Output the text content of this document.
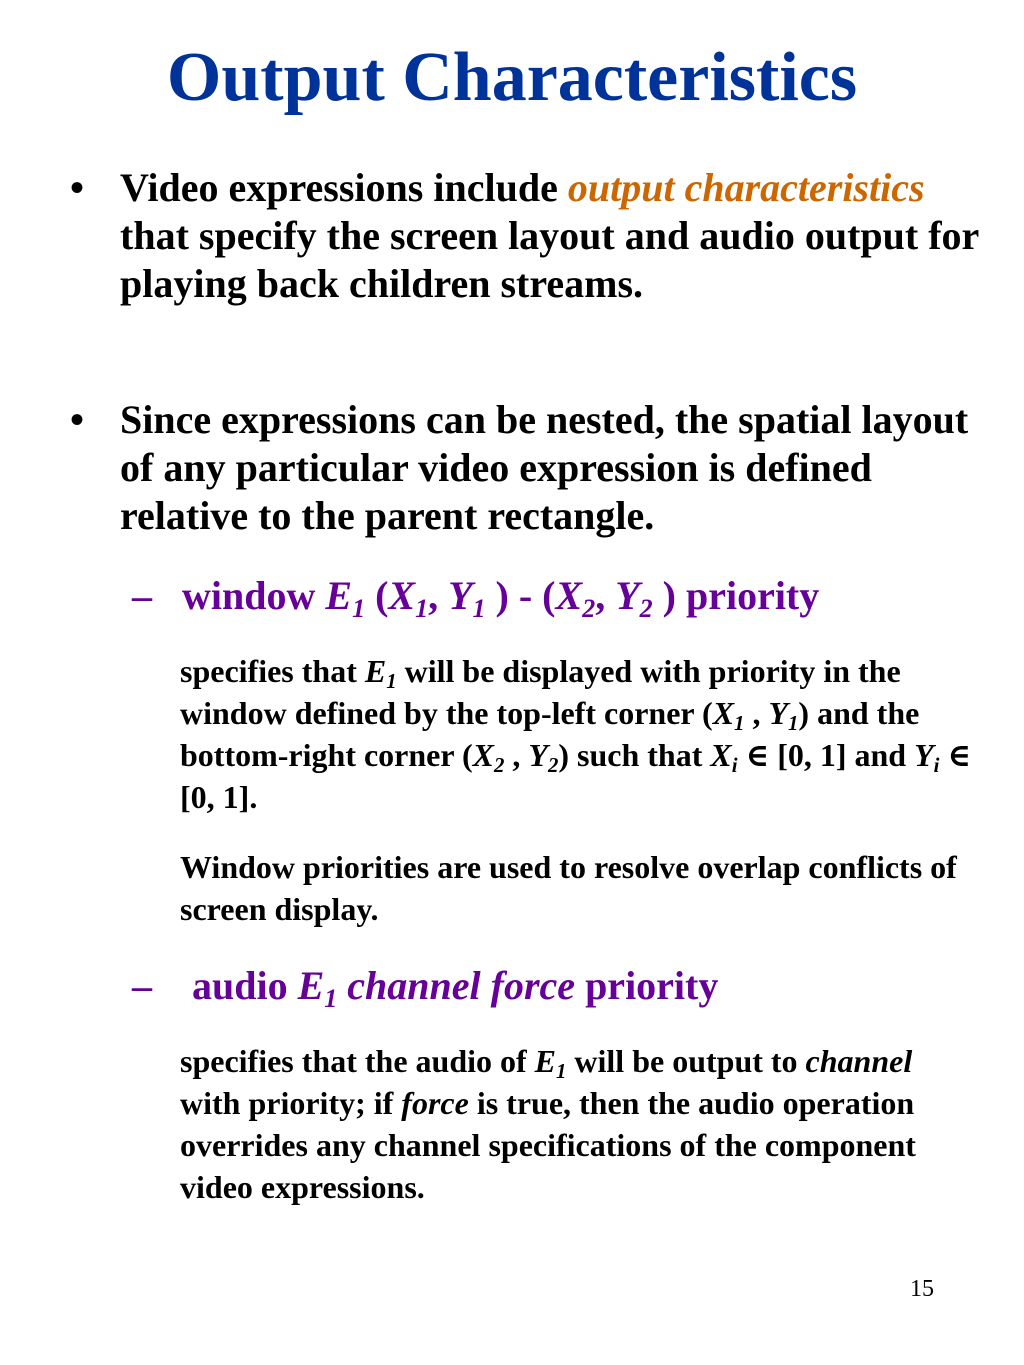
Output Characteristics
• Video expressions include output characteristics that specify the screen layout and audio output for playing back children streams.
• Since expressions can be nested, the spatial layout of any particular video expression is defined relative to the parent rectangle.
– window $E_1$ ($X_1$, $Y_1$ ) - ($X_2$, $Y_2$ ) priority
specifies that $E_1$ will be displayed with priority in the window defined by the top-left corner ($X_1$ , $Y_1$) and the bottom-right corner ($X_2$ , $Y_2$) such that $X_i$ ∈ [0, 1] and $Y_i$ ∈ [0, 1].
Window priorities are used to resolve overlap conflicts of screen display.
– audio $E_1$ channel force priority
specifies that the audio of $E_1$ will be output to channel with priority; if force is true, then the audio operation overrides any channel specifications of the component video expressions.
15
